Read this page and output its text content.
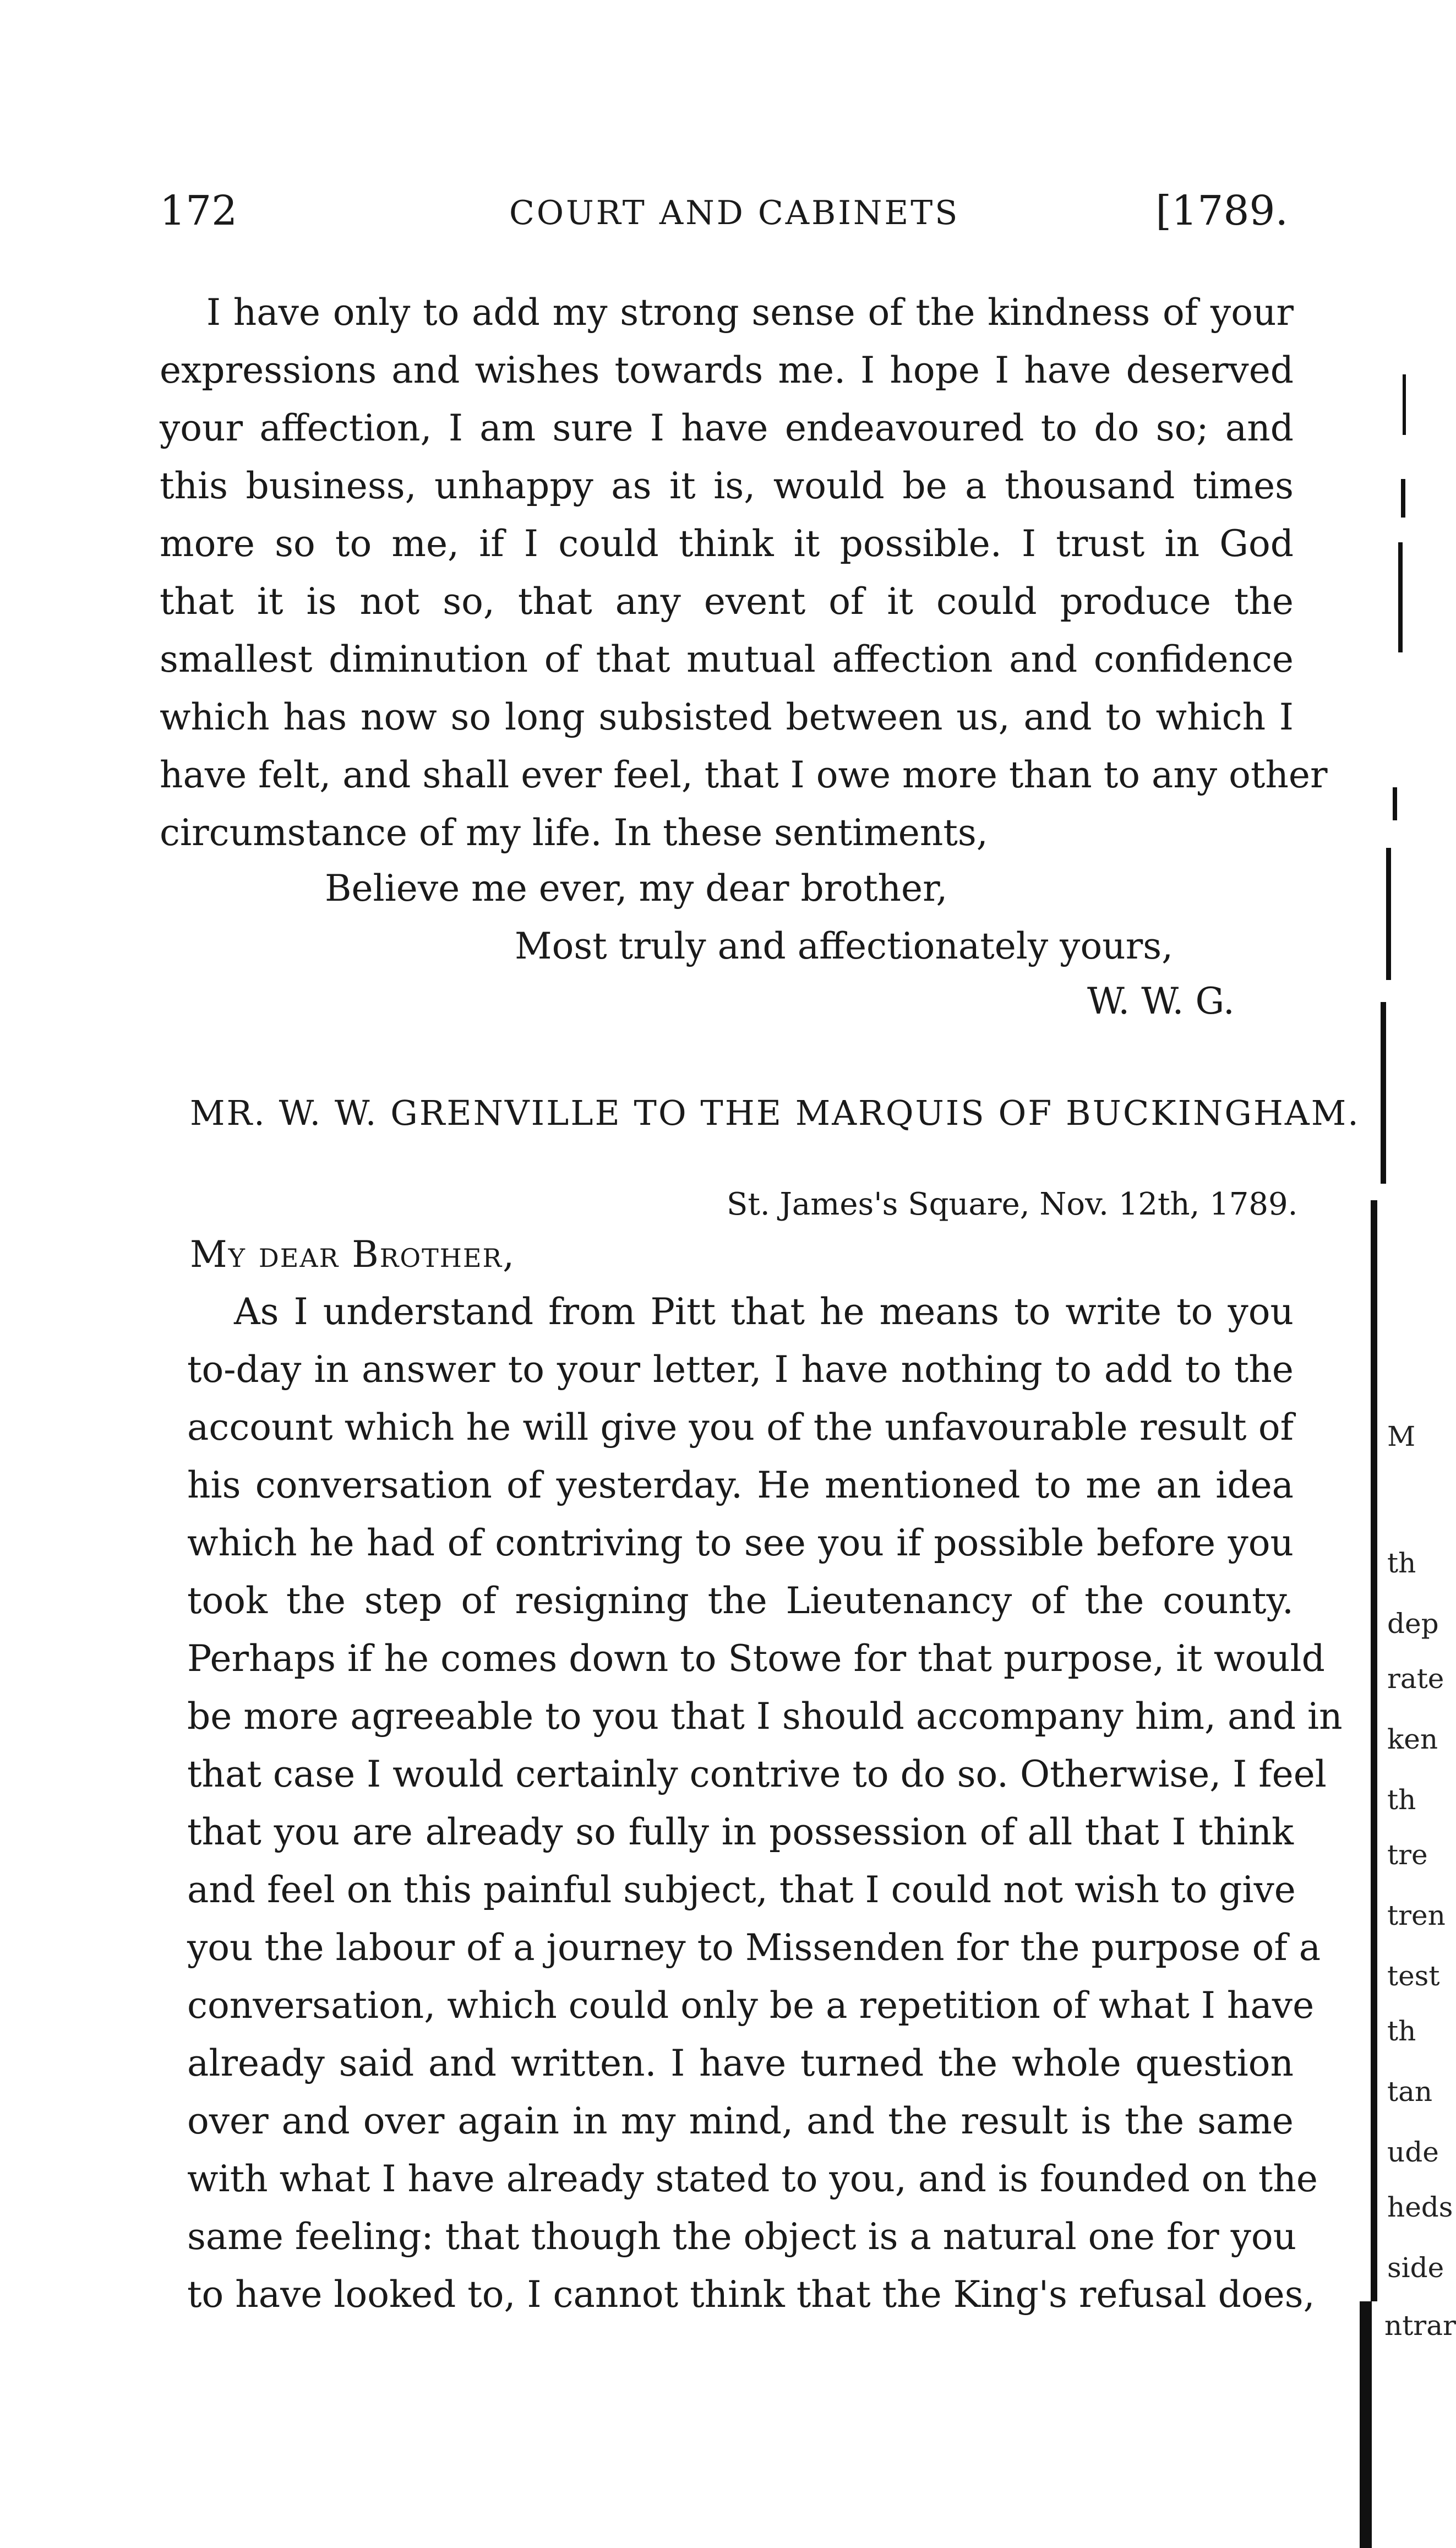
172	COURT AND CABINETS	[1789.
I have only to add my strong sense of the kindness of your
expressions and wishes towards me. I hope I have deserved
your affection, I am sure I have endeavoured to do so; and
this business, unhappy as it is, would be a thousand times
more so to me, if I could think it possible. I trust in God
that it is not so, that any event of it could produce the
smallest diminution of that mutual affection and confidence
which has now so long subsisted between us, and to which I
have felt, and shall ever feel, that I owe more than to any other
circumstance of my life. In these sentiments,
Believe me ever, my dear brother,
Most truly and affectionately yours,
W. W. G.
MR. W. W. GRENVILLE TO THE MARQUIS OF BUCKINGHAM.
St. James's Square, Nov. 12th, 1789.
My dear Brother,
As I understand from Pitt that he means to write to you
to-day in answer to your letter, I have nothing to add to the
account which he will give you of the unfavourable result of
his conversation of yesterday. He mentioned to me an idea
which he had of contriving to see you if possible before you
took the step of resigning the Lieutenancy of the county.
Perhaps if he comes down to Stowe for that purpose, it would
be more agreeable to you that I should accompany him, and in
that case I would certainly contrive to do so. Otherwise, I feel
that you are already so fully in possession of all that I think
and feel on this painful subject, that I could not wish to give
you the labour of a journey to Missenden for the purpose of a
conversation, which could only be a repetition of what I have
already said and written. I have turned the whole question
over and over again in my mind, and the result is the same
with what I have already stated to you, and is founded on the
same feeling: that though the object is a natural one for you
to have looked to, I cannot think that the King's refusal does,
M
th
dep
rate
ken
th
tre
tren
test
th
tan
ude
heds
side
ntrar
